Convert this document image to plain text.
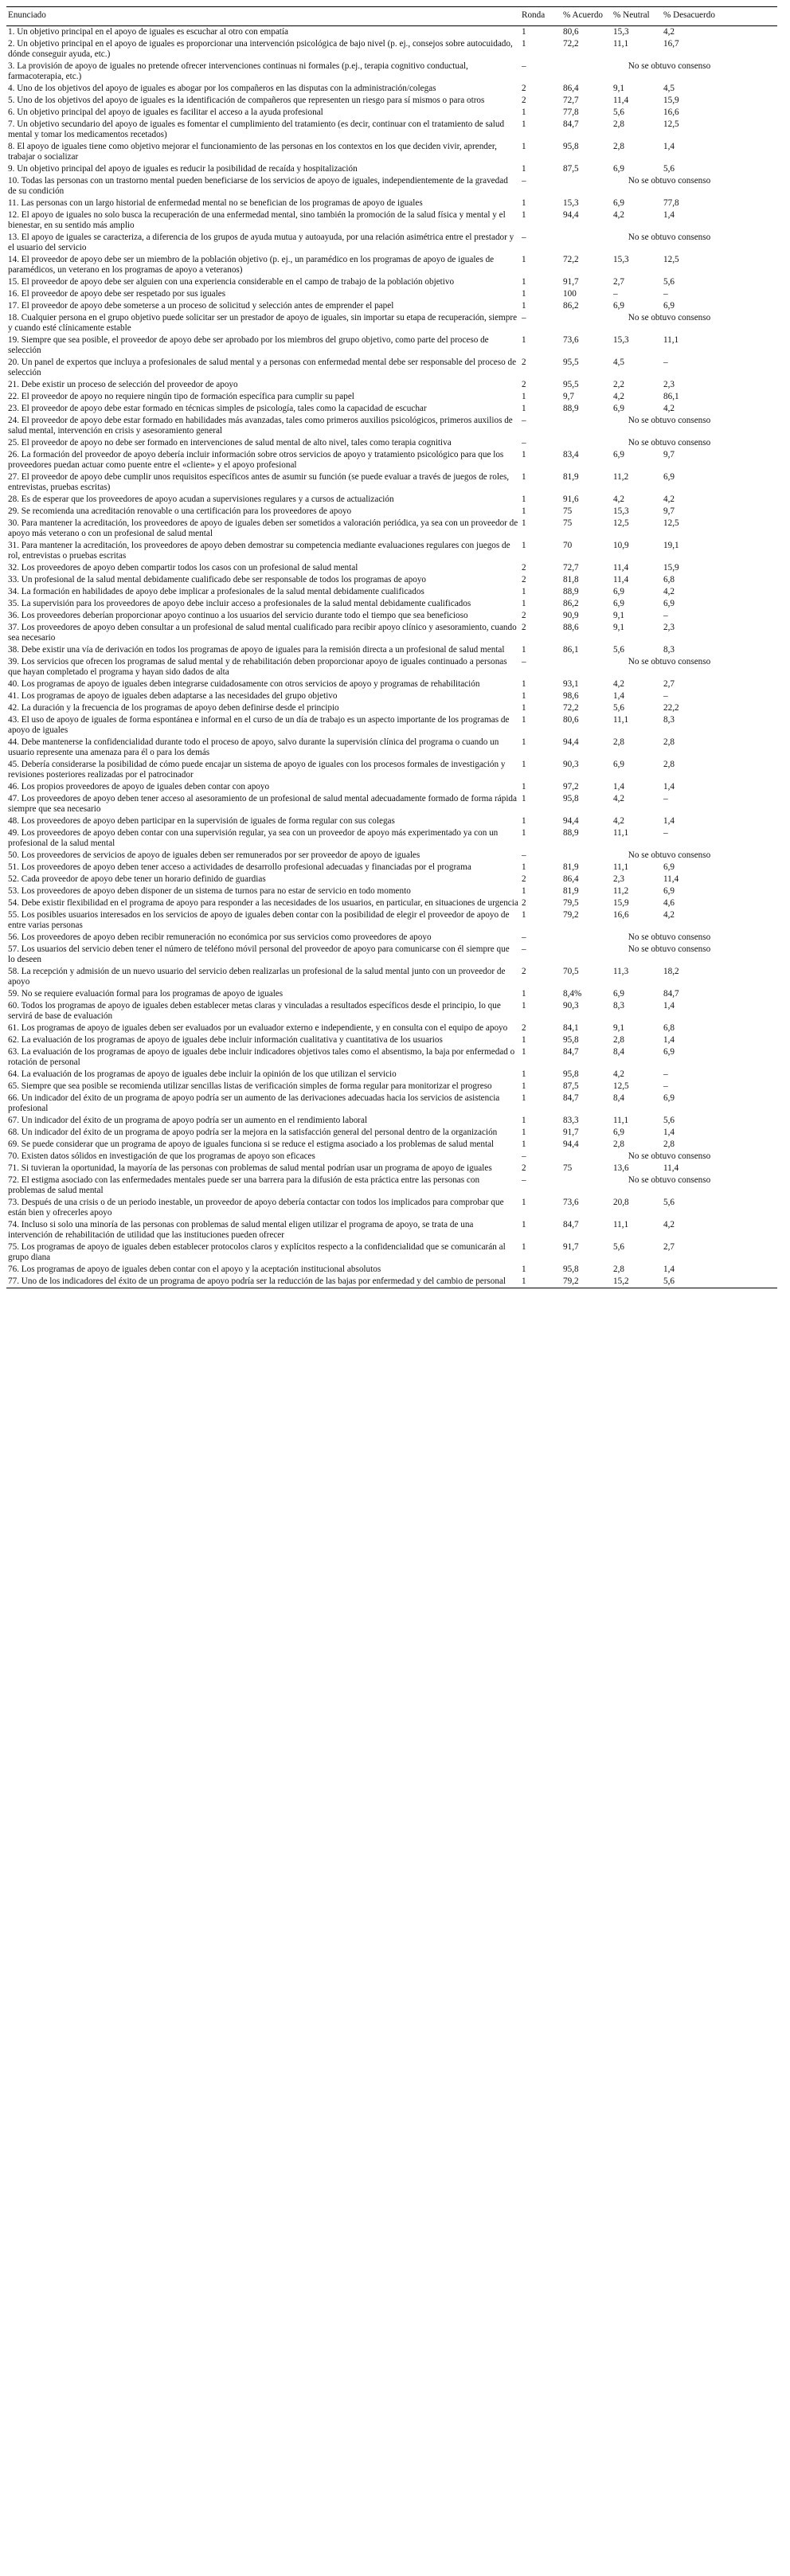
Enunciado	Ronda	% Acuerdo	% Neutral	% Desacuerdo
1. Un objetivo principal en el apoyo de iguales es escuchar al otro con empatía	1	80,6	15,3	4,2
2. Un objetivo principal en el apoyo de iguales es proporcionar una intervención psicológica de bajo nivel (p. ej., consejos sobre autocuidado, dónde conseguir ayuda, etc.)	1	72,2	11,1	16,7
3. La provisión de apoyo de iguales no pretende ofrecer intervenciones continuas ni formales (p.ej., terapia cognitivo conductual, farmacoterapia, etc.)	–	No se obtuvo consenso		
4. Uno de los objetivos del apoyo de iguales es abogar por los compañeros en las disputas con la administración/colegas	2	86,4	9,1	4,5
5. Uno de los objetivos del apoyo de iguales es la identificación de compañeros que representen un riesgo para sí mismos o para otros	2	72,7	11,4	15,9
6. Un objetivo principal del apoyo de iguales es facilitar el acceso a la ayuda profesional	1	77,8	5,6	16,6
7. Un objetivo secundario del apoyo de iguales es fomentar el cumplimiento del tratamiento (es decir, continuar con el tratamiento de salud mental y tomar los medicamentos recetados)	1	84,7	2,8	12,5
8. El apoyo de iguales tiene como objetivo mejorar el funcionamiento de las personas en los contextos en los que deciden vivir, aprender, trabajar o socializar	1	95,8	2,8	1,4
9. Un objetivo principal del apoyo de iguales es reducir la posibilidad de recaída y hospitalización	1	87,5	6,9	5,6
10. Todas las personas con un trastorno mental pueden beneficiarse de los servicios de apoyo de iguales, independientemente de la gravedad de su condición	–	No se obtuvo consenso		
11. Las personas con un largo historial de enfermedad mental no se benefician de los programas de apoyo de iguales	1	15,3	6,9	77,8
12. El apoyo de iguales no solo busca la recuperación de una enfermedad mental, sino también la promoción de la salud física y mental y el bienestar, en su sentido más amplio	1	94,4	4,2	1,4
13. El apoyo de iguales se caracteriza, a diferencia de los grupos de ayuda mutua y autoayuda, por una relación asimétrica entre el prestador y el usuario del servicio	–	No se obtuvo consenso		
14. El proveedor de apoyo debe ser un miembro de la población objetivo (p. ej., un paramédico en los programas de apoyo de iguales de paramédicos, un veterano en los programas de apoyo a veteranos)	1	72,2	15,3	12,5
15. El proveedor de apoyo debe ser alguien con una experiencia considerable en el campo de trabajo de la población objetivo	1	91,7	2,7	5,6
16. El proveedor de apoyo debe ser respetado por sus iguales	1	100	–	–
17. El proveedor de apoyo debe someterse a un proceso de solicitud y selección antes de emprender el papel	1	86,2	6,9	6,9
18. Cualquier persona en el grupo objetivo puede solicitar ser un prestador de apoyo de iguales, sin importar su etapa de recuperación, siempre y cuando esté clínicamente estable	–	No se obtuvo consenso		
19. Siempre que sea posible, el proveedor de apoyo debe ser aprobado por los miembros del grupo objetivo, como parte del proceso de selección	1	73,6	15,3	11,1
20. Un panel de expertos que incluya a profesionales de salud mental y a personas con enfermedad mental debe ser responsable del proceso de selección	2	95,5	4,5	–
21. Debe existir un proceso de selección del proveedor de apoyo	2	95,5	2,2	2,3
22. El proveedor de apoyo no requiere ningún tipo de formación específica para cumplir su papel	1	9,7	4,2	86,1
23. El proveedor de apoyo debe estar formado en técnicas simples de psicología, tales como la capacidad de escuchar	1	88,9	6,9	4,2
24. El proveedor de apoyo debe estar formado en habilidades más avanzadas, tales como primeros auxilios psicológicos, primeros auxilios de salud mental, intervención en crisis y asesoramiento general	–	No se obtuvo consenso		
25. El proveedor de apoyo no debe ser formado en intervenciones de salud mental de alto nivel, tales como terapia cognitiva	–	No se obtuvo consenso		
26. La formación del proveedor de apoyo debería incluir información sobre otros servicios de apoyo y tratamiento psicológico para que los proveedores puedan actuar como puente entre el «cliente» y el apoyo profesional	1	83,4	6,9	9,7
27. El proveedor de apoyo debe cumplir unos requisitos específicos antes de asumir su función (se puede evaluar a través de juegos de roles, entrevistas, pruebas escritas)	1	81,9	11,2	6,9
28. Es de esperar que los proveedores de apoyo acudan a supervisiones regulares y a cursos de actualización	1	91,6	4,2	4,2
29. Se recomienda una acreditación renovable o una certificación para los proveedores de apoyo	1	75	15,3	9,7
30. Para mantener la acreditación, los proveedores de apoyo de iguales deben ser sometidos a valoración periódica, ya sea con un proveedor de apoyo más veterano o con un profesional de salud mental	1	75	12,5	12,5
31. Para mantener la acreditación, los proveedores de apoyo deben demostrar su competencia mediante evaluaciones regulares con juegos de rol, entrevistas o pruebas escritas	1	70	10,9	19,1
32. Los proveedores de apoyo deben compartir todos los casos con un profesional de salud mental	2	72,7	11,4	15,9
33. Un profesional de la salud mental debidamente cualificado debe ser responsable de todos los programas de apoyo	2	81,8	11,4	6,8
34. La formación en habilidades de apoyo debe implicar a profesionales de la salud mental debidamente cualificados	1	88,9	6,9	4,2
35. La supervisión para los proveedores de apoyo debe incluir acceso a profesionales de la salud mental debidamente cualificados	1	86,2	6,9	6,9
36. Los proveedores deberían proporcionar apoyo continuo a los usuarios del servicio durante todo el tiempo que sea beneficioso	2	90,9	9,1	–
37. Los proveedores de apoyo deben consultar a un profesional de salud mental cualificado para recibir apoyo clínico y asesoramiento, cuando sea necesario	2	88,6	9,1	2,3
38. Debe existir una vía de derivación en todos los programas de apoyo de iguales para la remisión directa a un profesional de salud mental	1	86,1	5,6	8,3
39. Los servicios que ofrecen los programas de salud mental y de rehabilitación deben proporcionar apoyo de iguales continuado a personas que hayan completado el programa y hayan sido dados de alta	–	No se obtuvo consenso		
40. Los programas de apoyo de iguales deben integrarse cuidadosamente con otros servicios de apoyo y programas de rehabilitación	1	93,1	4,2	2,7
41. Los programas de apoyo de iguales deben adaptarse a las necesidades del grupo objetivo	1	98,6	1,4	–
42. La duración y la frecuencia de los programas de apoyo deben definirse desde el principio	1	72,2	5,6	22,2
43. El uso de apoyo de iguales de forma espontánea e informal en el curso de un día de trabajo es un aspecto importante de los programas de apoyo de iguales	1	80,6	11,1	8,3
44. Debe mantenerse la confidencialidad durante todo el proceso de apoyo, salvo durante la supervisión clínica del programa o cuando un usuario represente una amenaza para él o para los demás	1	94,4	2,8	2,8
45. Debería considerarse la posibilidad de cómo puede encajar un sistema de apoyo de iguales con los procesos formales de investigación y revisiones posteriores realizadas por el patrocinador	1	90,3	6,9	2,8
46. Los propios proveedores de apoyo de iguales deben contar con apoyo	1	97,2	1,4	1,4
47. Los proveedores de apoyo deben tener acceso al asesoramiento de un profesional de salud mental adecuadamente formado de forma rápida siempre que sea necesario	1	95,8	4,2	–
48. Los proveedores de apoyo deben participar en la supervisión de iguales de forma regular con sus colegas	1	94,4	4,2	1,4
49. Los proveedores de apoyo deben contar con una supervisión regular, ya sea con un proveedor de apoyo más experimentado ya con un profesional de la salud mental	1	88,9	11,1	–
50. Los proveedores de servicios de apoyo de iguales deben ser remunerados por ser proveedor de apoyo de iguales	–	No se obtuvo consenso		
51. Los proveedores de apoyo deben tener acceso a actividades de desarrollo profesional adecuadas y financiadas por el programa	1	81,9	11,1	6,9
52. Cada proveedor de apoyo debe tener un horario definido de guardias	2	86,4	2,3	11,4
53. Los proveedores de apoyo deben disponer de un sistema de turnos para no estar de servicio en todo momento	1	81,9	11,2	6,9
54. Debe existir flexibilidad en el programa de apoyo para responder a las necesidades de los usuarios, en particular, en situaciones de urgencia	2	79,5	15,9	4,6
55. Los posibles usuarios interesados en los servicios de apoyo de iguales deben contar con la posibilidad de elegir el proveedor de apoyo de entre varias personas	1	79,2	16,6	4,2
56. Los proveedores de apoyo deben recibir remuneración no económica por sus servicios como proveedores de apoyo	–	No se obtuvo consenso		
57. Los usuarios del servicio deben tener el número de teléfono móvil personal del proveedor de apoyo para comunicarse con él siempre que lo deseen	–	No se obtuvo consenso		
58. La recepción y admisión de un nuevo usuario del servicio deben realizarlas un profesional de la salud mental junto con un proveedor de apoyo	2	70,5	11,3	18,2
59. No se requiere evaluación formal para los programas de apoyo de iguales	1	8,4%	6,9	84,7
60. Todos los programas de apoyo de iguales deben establecer metas claras y vinculadas a resultados específicos desde el principio, lo que servirá de base de evaluación	1	90,3	8,3	1,4
61. Los programas de apoyo de iguales deben ser evaluados por un evaluador externo e independiente, y en consulta con el equipo de apoyo	2	84,1	9,1	6,8
62. La evaluación de los programas de apoyo de iguales debe incluir información cualitativa y cuantitativa de los usuarios	1	95,8	2,8	1,4
63. La evaluación de los programas de apoyo de iguales debe incluir indicadores objetivos tales como el absentismo, la baja por enfermedad o rotación de personal	1	84,7	8,4	6,9
64. La evaluación de los programas de apoyo de iguales debe incluir la opinión de los que utilizan el servicio	1	95,8	4,2	–
65. Siempre que sea posible se recomienda utilizar sencillas listas de verificación simples de forma regular para monitorizar el progreso	1	87,5	12,5	–
66. Un indicador del éxito de un programa de apoyo podría ser un aumento de las derivaciones adecuadas hacia los servicios de asistencia profesional	1	84,7	8,4	6,9
67. Un indicador del éxito de un programa de apoyo podría ser un aumento en el rendimiento laboral	1	83,3	11,1	5,6
68. Un indicador del éxito de un programa de apoyo podría ser la mejora en la satisfacción general del personal dentro de la organización	1	91,7	6,9	1,4
69. Se puede considerar que un programa de apoyo de iguales funciona si se reduce el estigma asociado a los problemas de salud mental	1	94,4	2,8	2,8
70. Existen datos sólidos en investigación de que los programas de apoyo son eficaces	–	No se obtuvo consenso		
71. Si tuvieran la oportunidad, la mayoría de las personas con problemas de salud mental podrían usar un programa de apoyo de iguales	2	75	13,6	11,4
72. El estigma asociado con las enfermedades mentales puede ser una barrera para la difusión de esta práctica entre las personas con problemas de salud mental	–	No se obtuvo consenso		
73. Después de una crisis o de un periodo inestable, un proveedor de apoyo debería contactar con todos los implicados para comprobar que están bien y ofrecerles apoyo	1	73,6	20,8	5,6
74. Incluso si solo una minoría de las personas con problemas de salud mental eligen utilizar el programa de apoyo, se trata de una intervención de rehabilitación de utilidad que las instituciones pueden ofrecer	1	84,7	11,1	4,2
75. Los programas de apoyo de iguales deben establecer protocolos claros y explícitos respecto a la confidencialidad que se comunicarán al grupo diana	1	91,7	5,6	2,7
76. Los programas de apoyo de iguales deben contar con el apoyo y la aceptación institucional absolutos	1	95,8	2,8	1,4
77. Uno de los indicadores del éxito de un programa de apoyo podría ser la reducción de las bajas por enfermedad y del cambio de personal	1	79,2	15,2	5,6
